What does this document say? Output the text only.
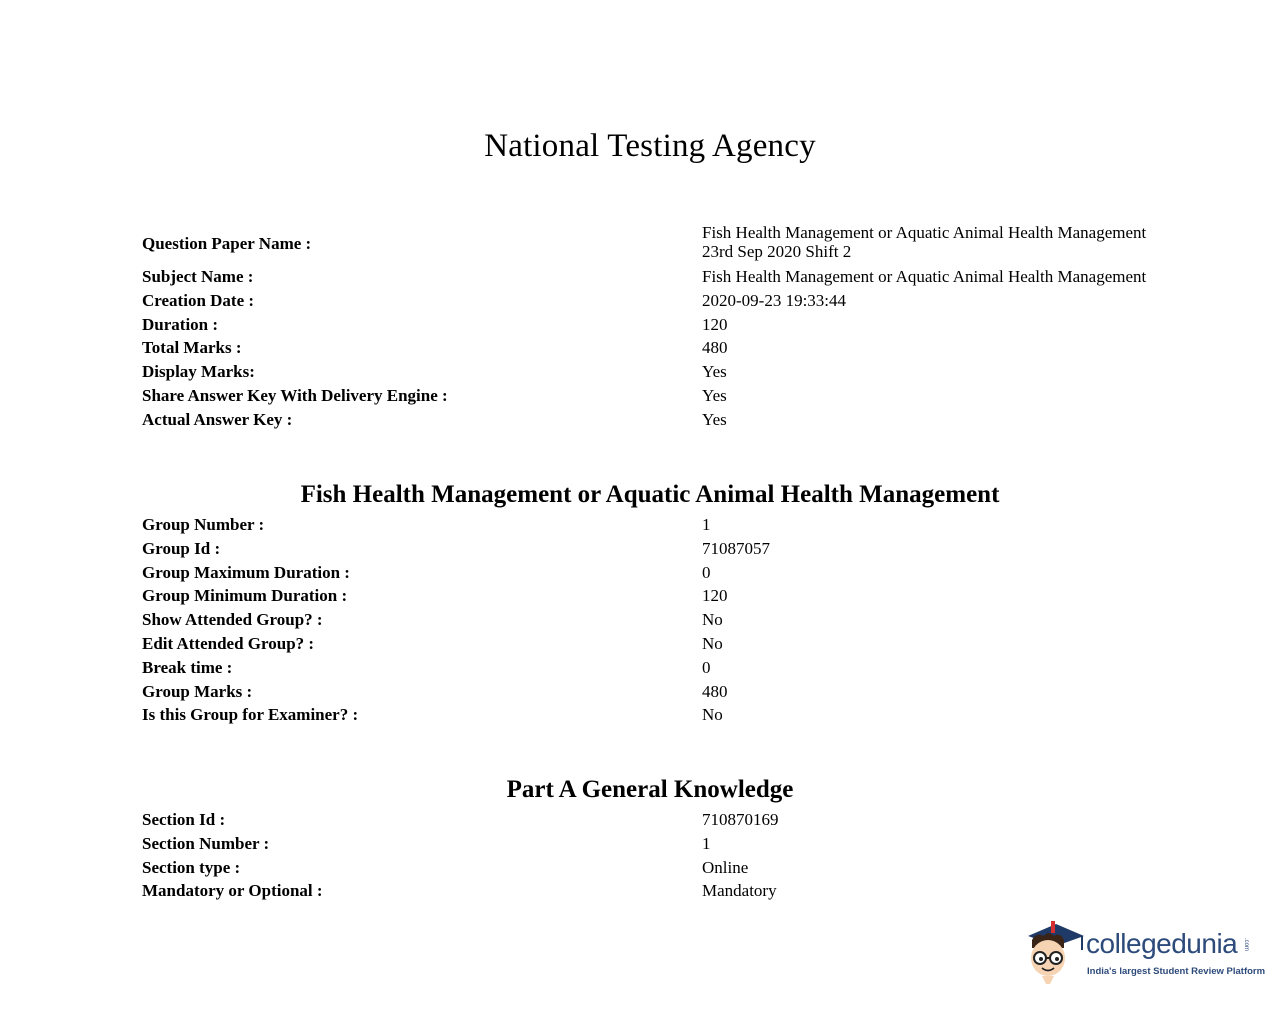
National Testing Agency
Question Paper Name :
Fish Health Management or Aquatic Animal Health Management 23rd Sep 2020 Shift 2
Subject Name :	Fish Health Management or Aquatic Animal Health Management
Creation Date :	2020-09-23 19:33:44
Duration :	120
Total Marks :	480
Display Marks:	Yes
Share Answer Key With Delivery Engine :	Yes
Actual Answer Key :	Yes
Fish Health Management or Aquatic Animal Health Management
Group Number :	1
Group Id :	71087057
Group Maximum Duration :	0
Group Minimum Duration :	120
Show Attended Group? :	No
Edit Attended Group? :	No
Break time :	0
Group Marks :	480
Is this Group for Examiner? :	No
Part A General Knowledge
Section Id :	710870169
Section Number :	1
Section type :	Online
Mandatory or Optional :	Mandatory
collegedunia .com
India's largest Student Review Platform
